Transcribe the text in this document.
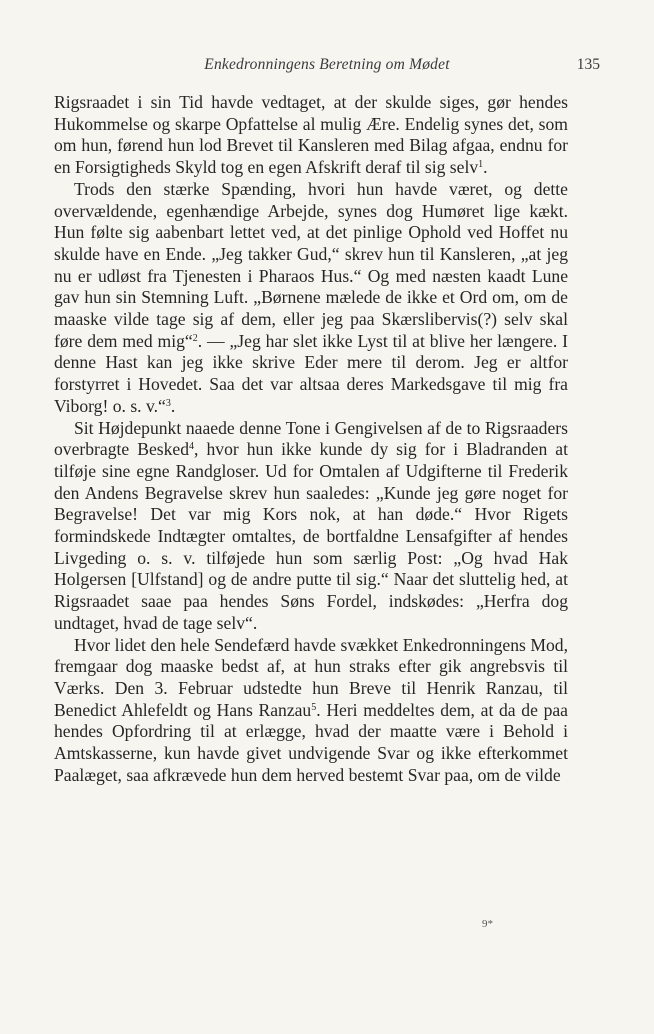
Enkedronningens Beretning om Mødet	135

Rigsraadet i sin Tid havde vedtaget, at der skulde siges, gør hendes Hukommelse og skarpe Opfattelse al mulig Ære. Endelig synes det, som om hun, førend hun lod Brevet til Kansleren med Bilag afgaa, endnu for en Forsigtigheds Skyld tog en egen Afskrift deraf til sig selv$^1$.

Trods den stærke Spænding, hvori hun havde været, og dette overvældende, egenhændige Arbejde, synes dog Humøret lige kækt. Hun følte sig aabenbart lettet ved, at det pinlige Ophold ved Hoffet nu skulde have en Ende. „Jeg takker Gud,“ skrev hun til Kansleren, „at jeg nu er udløst fra Tjenesten i Pharaos Hus.“ Og med næsten kaadt Lune gav hun sin Stemning Luft. „Børnene mælede de ikke et Ord om, om de maaske vilde tage sig af dem, eller jeg paa Skærslibervis(?) selv skal føre dem med mig“$^2$. — „Jeg har slet ikke Lyst til at blive her længere. I denne Hast kan jeg ikke skrive Eder mere til derom. Jeg er altfor forstyrret i Hovedet. Saa det var altsaa deres Markedsgave til mig fra Viborg! o. s. v.“$^3$.

Sit Højdepunkt naaede denne Tone i Gengivelsen af de to Rigsraaders overbragte Besked$^4$, hvor hun ikke kunde dy sig for i Bladranden at tilføje sine egne Randgloser. Ud for Omtalen af Udgifterne til Frederik den Andens Begravelse skrev hun saaledes: „Kunde jeg gøre noget for Begravelse! Det var mig Kors nok, at han døde.“ Hvor Rigets formindskede Indtægter omtaltes, de bortfaldne Lensafgifter af hendes Livgeding o. s. v. tilføjede hun som særlig Post: „Og hvad Hak Holgersen [Ulfstand] og de andre putte til sig.“ Naar det sluttelig hed, at Rigsraadet saae paa hendes Søns Fordel, indskødes: „Herfra dog undtaget, hvad de tage selv“.

Hvor lidet den hele Sendefærd havde svækket Enkedronningens Mod, fremgaar dog maaske bedst af, at hun straks efter gik angrebsvis til Værks. Den 3. Februar udstedte hun Breve til Henrik Ranzau, til Benedict Ahlefeldt og Hans Ranzau$^5$. Heri meddeltes dem, at da de paa hendes Opfordring til at erlægge, hvad der maatte være i Behold i Amtskasserne, kun havde givet undvigende Svar og ikke efterkommet Paalæget, saa afkrævede hun dem herved bestemt Svar paa, om de vilde

9*
